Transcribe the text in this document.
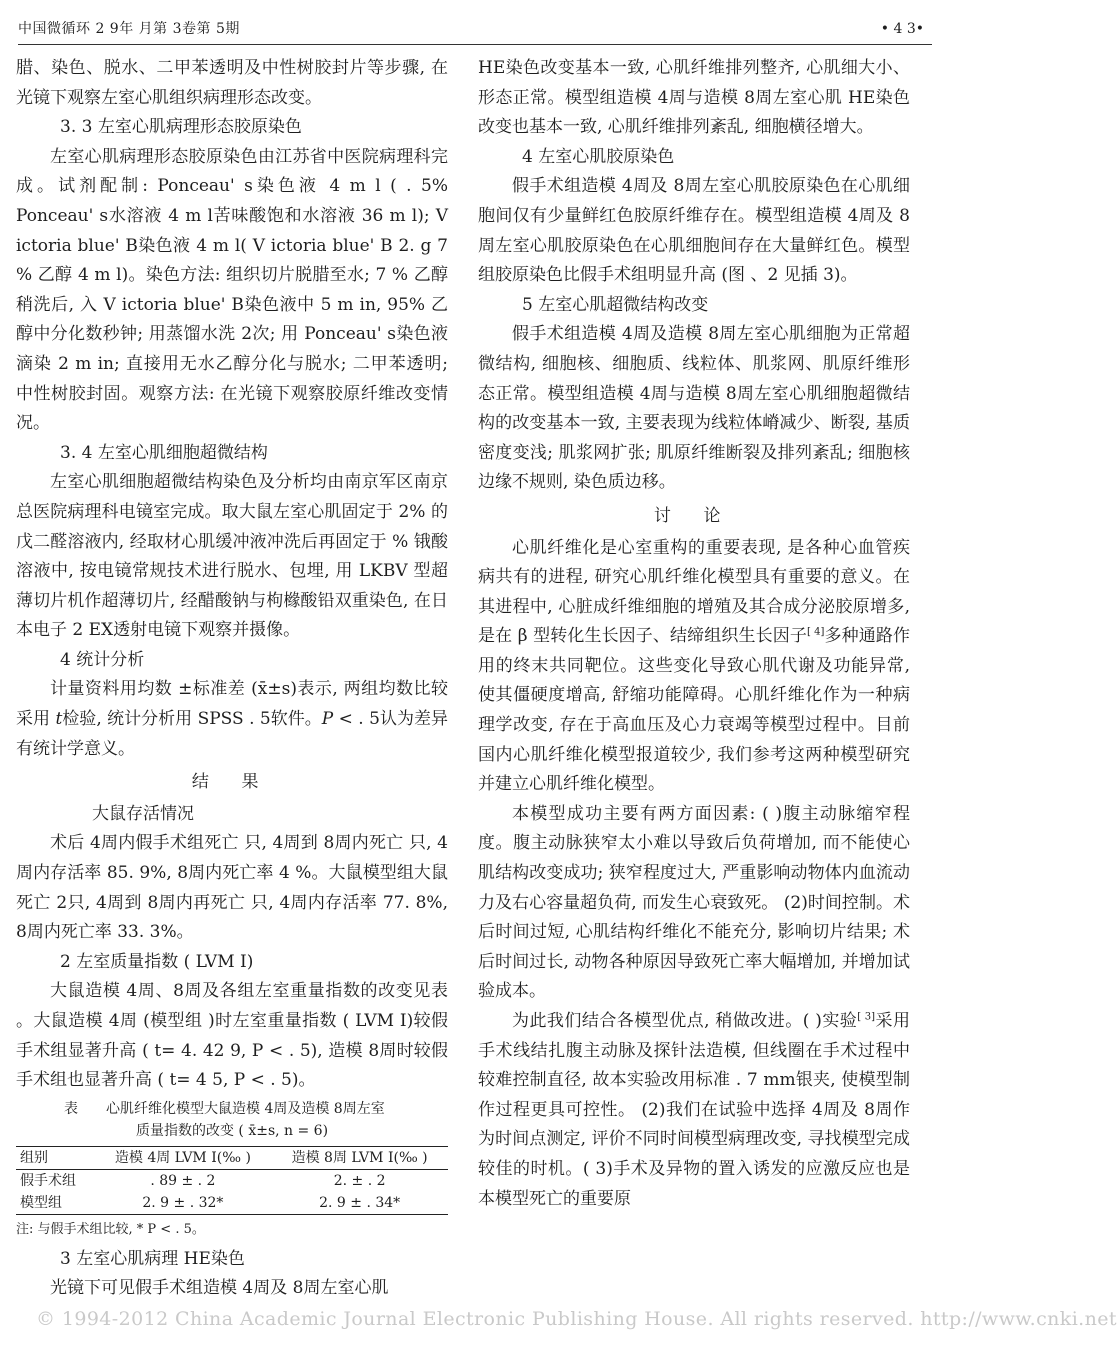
中国微循环 2 9年 月第 3卷第 5期	• 4 3•

腊、染色、脱水、二甲苯透明及中性树胶封片等步骤, 在光镜下观察左室心肌组织病理形态改变。

3. 3 左室心肌病理形态胶原染色

左室心肌病理形态胶原染色由江苏省中医院病理科完成。试剂配制: Ponceau' s染色液 4 m l ( . 5% Ponceau' s水溶液 4 m l苦味酸饱和水溶液 36 m l); V ictoria blue' B染色液 4 m l( V ictoria blue' B 2. g 7 % 乙醇 4 m l)。染色方法: 组织切片脱腊至水; 7 % 乙醇稍洗后, 入 V ictoria blue' B染色液中 5 m in, 95% 乙醇中分化数秒钟; 用蒸馏水洗 2次; 用 Ponceau' s染色液滴染 2 m in; 直接用无水乙醇分化与脱水; 二甲苯透明; 中性树胶封固。观察方法: 在光镜下观察胶原纤维改变情况。

3. 4 左室心肌细胞超微结构

左室心肌细胞超微结构染色及分析均由南京军区南京总医院病理科电镜室完成。取大鼠左室心肌固定于 2% 的戊二醛溶液内, 经取材心肌缓冲液冲洗后再固定于 % 锇酸溶液中, 按电镜常规技术进行脱水、包埋, 用 LKBV 型超薄切片机作超薄切片, 经醋酸钠与枸橼酸铅双重染色, 在日本电子 2 EX透射电镜下观察并摄像。

4 统计分析

计量资料用均数 ±标准差 (x̄±s)表示, 两组均数比较采用 t检验, 统计分析用 SPSS . 5软件。P < . 5认为差异有统计学意义。

结 果

大鼠存活情况

术后 4周内假手术组死亡 只, 4周到 8周内死亡 只, 4周内存活率 85. 9%, 8周内死亡率 4 %。大鼠模型组大鼠死亡 2只, 4周到 8周内再死亡 只, 4周内存活率 77. 8%, 8周内死亡率 33. 3%。

2 左室质量指数 ( LVM I)

大鼠造模 4周、8周及各组左室重量指数的改变见表 。大鼠造模 4周 (模型组 )时左室重量指数 ( LVM I)较假手术组显著升高 ( t= 4. 42 9, P < . 5), 造模 8周时较假手术组也显著升高 ( t= 4 5, P < . 5)。

表 心肌纤维化模型大鼠造模 4周及造模 8周左室
质量指数的改变 ( x̄±s, n = 6)
组别	造模 4周 LVM I(‰ )	造模 8周 LVM I(‰ )
假手术组	. 89 ± . 2	2. ± . 2
模型组	2. 9 ± . 32*	2. 9 ± . 34*
注: 与假手术组比较, * P < . 5。

3 左室心肌病理 HE染色

光镜下可见假手术组造模 4周及 8周左室心肌

HE染色改变基本一致, 心肌纤维排列整齐, 心肌细大小、形态正常。模型组造模 4周与造模 8周左室心肌 HE染色改变也基本一致, 心肌纤维排列紊乱, 细胞横径增大。

4 左室心肌胶原染色

假手术组造模 4周及 8周左室心肌胶原染色在心肌细胞间仅有少量鲜红色胶原纤维存在。模型组造模 4周及 8周左室心肌胶原染色在心肌细胞间存在大量鲜红色。模型组胶原染色比假手术组明显升高 (图 、2 见插 3)。

5 左室心肌超微结构改变

假手术组造模 4周及造模 8周左室心肌细胞为正常超微结构, 细胞核、细胞质、线粒体、肌浆网、肌原纤维形态正常。模型组造模 4周与造模 8周左室心肌细胞超微结构的改变基本一致, 主要表现为线粒体嵴减少、断裂, 基质密度变浅; 肌浆网扩张; 肌原纤维断裂及排列紊乱; 细胞核边缘不规则, 染色质边移。

讨 论

心肌纤维化是心室重构的重要表现, 是各种心血管疾病共有的进程, 研究心肌纤维化模型具有重要的意义。在其进程中, 心脏成纤维细胞的增殖及其合成分泌胶原增多, 是在 β 型转化生长因子、结缔组织生长因子[ 4]多种通路作用的终末共同靶位。这些变化导致心肌代谢及功能异常, 使其僵硬度增高, 舒缩功能障碍。心肌纤维化作为一种病理学改变, 存在于高血压及心力衰竭等模型过程中。目前国内心肌纤维化模型报道较少, 我们参考这两种模型研究并建立心肌纤维化模型。

本模型成功主要有两方面因素: ( )腹主动脉缩窄程度。腹主动脉狭窄太小难以导致后负荷增加, 而不能使心肌结构改变成功; 狭窄程度过大, 严重影响动物体内血流动力及右心容量超负荷, 而发生心衰致死。 (2)时间控制。术后时间过短, 心肌结构纤维化不能充分, 影响切片结果; 术后时间过长, 动物各种原因导致死亡率大幅增加, 并增加试验成本。

为此我们结合各模型优点, 稍做改进。( )实验[ 3]采用手术线结扎腹主动脉及探针法造模, 但线圈在手术过程中较难控制直径, 故本实验改用标准 . 7 mm银夹, 使模型制作过程更具可控性。 (2)我们在试验中选择 4周及 8周作为时间点测定, 评价不同时间模型病理改变, 寻找模型完成较佳的时机。( 3)手术及异物的置入诱发的应激反应也是本模型死亡的重要原

© 1994-2012 China Academic Journal Electronic Publishing House. All rights reserved. http://www.cnki.net
